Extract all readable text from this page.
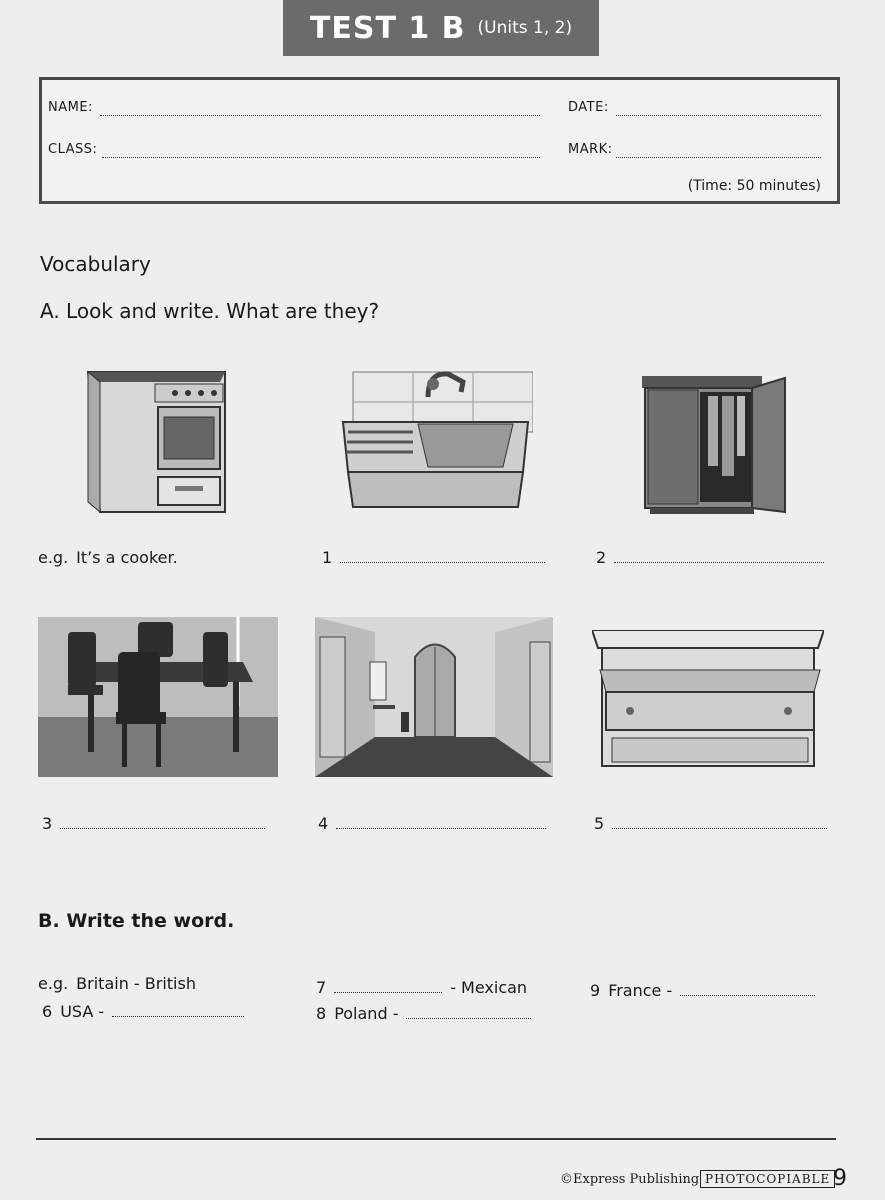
TEST 1 B (Units 1, 2)
NAME:	DATE:
CLASS:	MARK:
(Time: 50 minutes)
Vocabulary
A. Look and write. What are they?
e.g. It’s a cooker.	1	2
3	4	5
B. Write the word.
e.g. Britain - British	7	- Mexican	9 France -
6 USA -	8 Poland -
©Express Publishing PHOTOCOPIABLE 9
